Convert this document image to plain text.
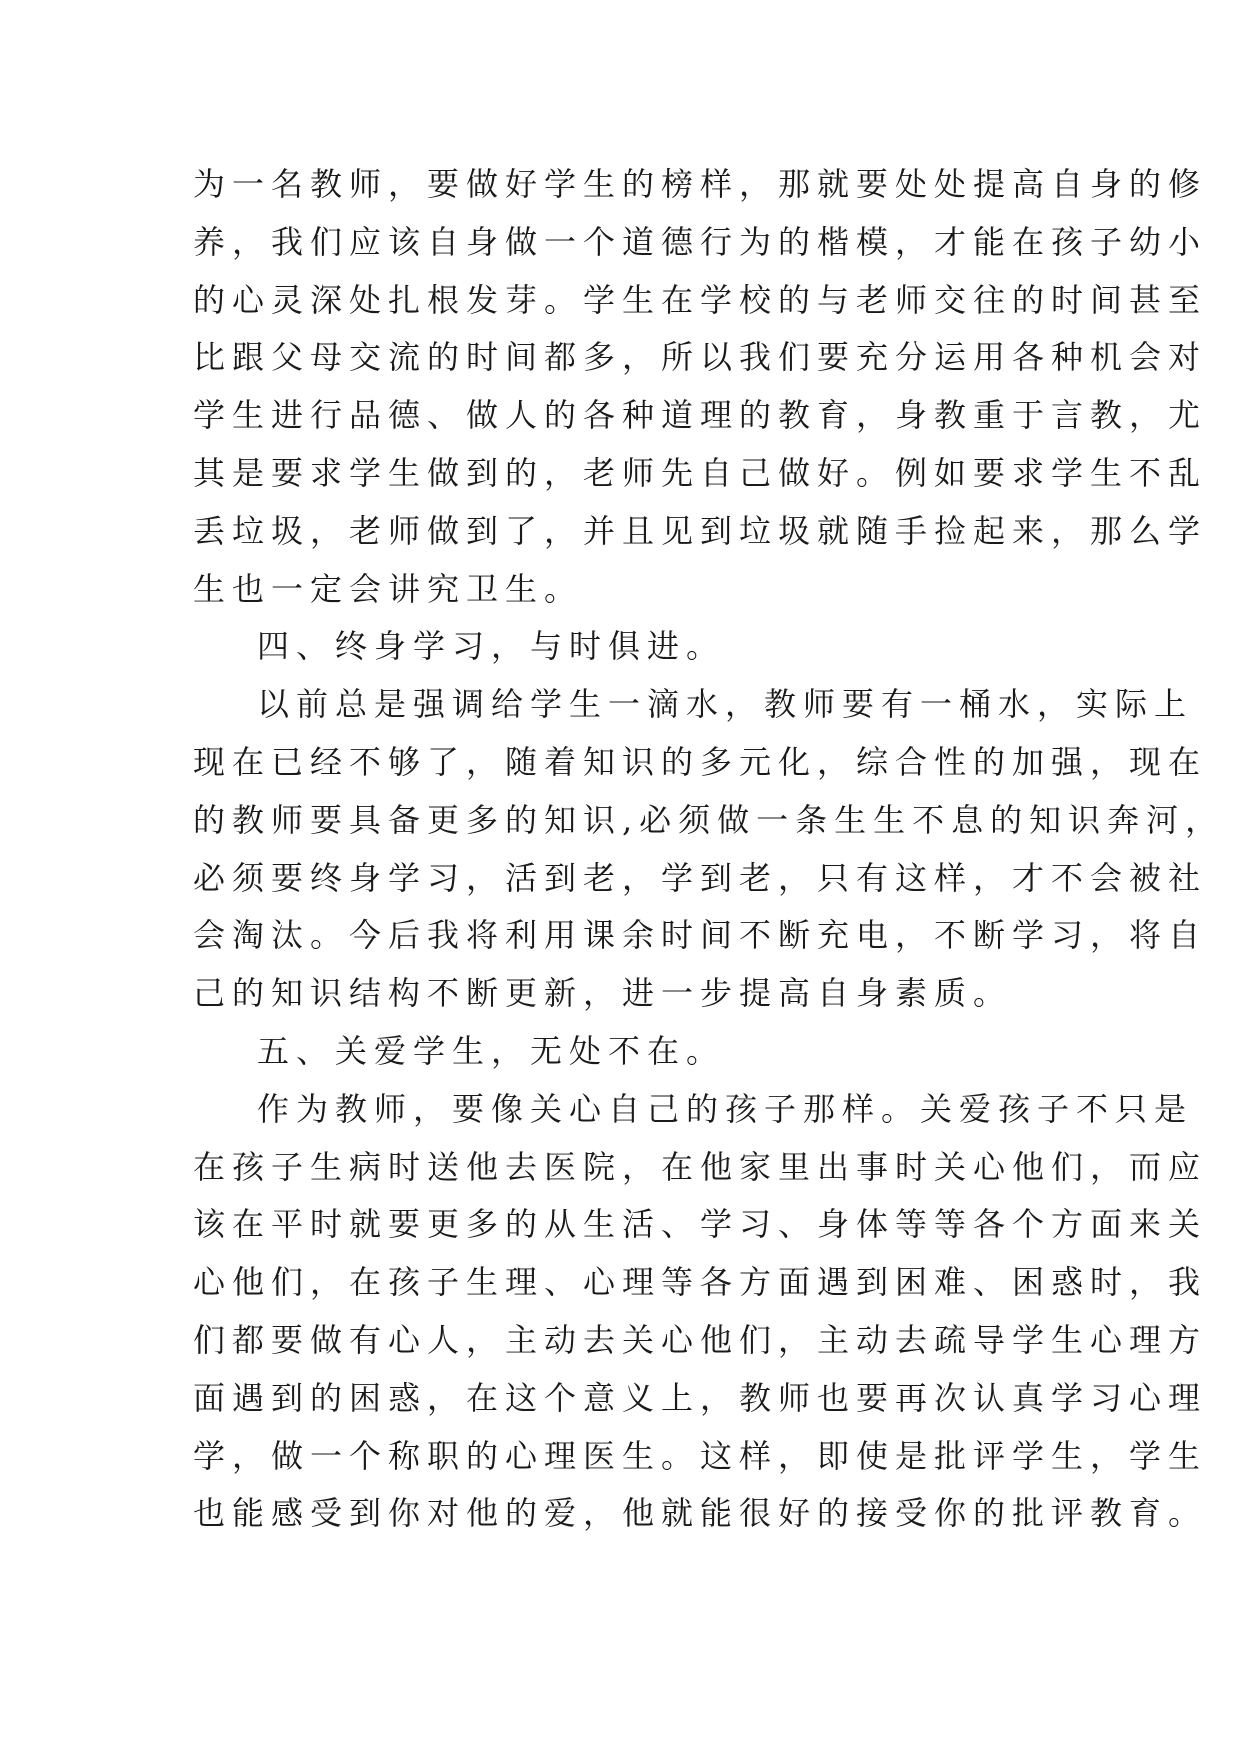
为一名教师，要做好学生的榜样，那就要处处提高自身的修
养，我们应该自身做一个道德行为的楷模，才能在孩子幼小
的心灵深处扎根发芽。学生在学校的与老师交往的时间甚至
比跟父母交流的时间都多，所以我们要充分运用各种机会对
学生进行品德、做人的各种道理的教育，身教重于言教，尤
其是要求学生做到的，老师先自己做好。例如要求学生不乱
丢垃圾，老师做到了，并且见到垃圾就随手捡起来，那么学
生也一定会讲究卫生。
四、终身学习，与时俱进。
以前总是强调给学生一滴水，教师要有一桶水，实际上
现在已经不够了，随着知识的多元化，综合性的加强，现在
的教师要具备更多的知识,必须做一条生生不息的知识奔河，
必须要终身学习，活到老，学到老，只有这样，才不会被社
会淘汰。今后我将利用课余时间不断充电，不断学习，将自
己的知识结构不断更新，进一步提高自身素质。
五、关爱学生，无处不在。
作为教师，要像关心自己的孩子那样。关爱孩子不只是
在孩子生病时送他去医院，在他家里出事时关心他们，而应
该在平时就要更多的从生活、学习、身体等等各个方面来关
心他们，在孩子生理、心理等各方面遇到困难、困惑时，我
们都要做有心人，主动去关心他们，主动去疏导学生心理方
面遇到的困惑，在这个意义上，教师也要再次认真学习心理
学，做一个称职的心理医生。这样，即使是批评学生，学生
也能感受到你对他的爱，他就能很好的接受你的批评教育。
